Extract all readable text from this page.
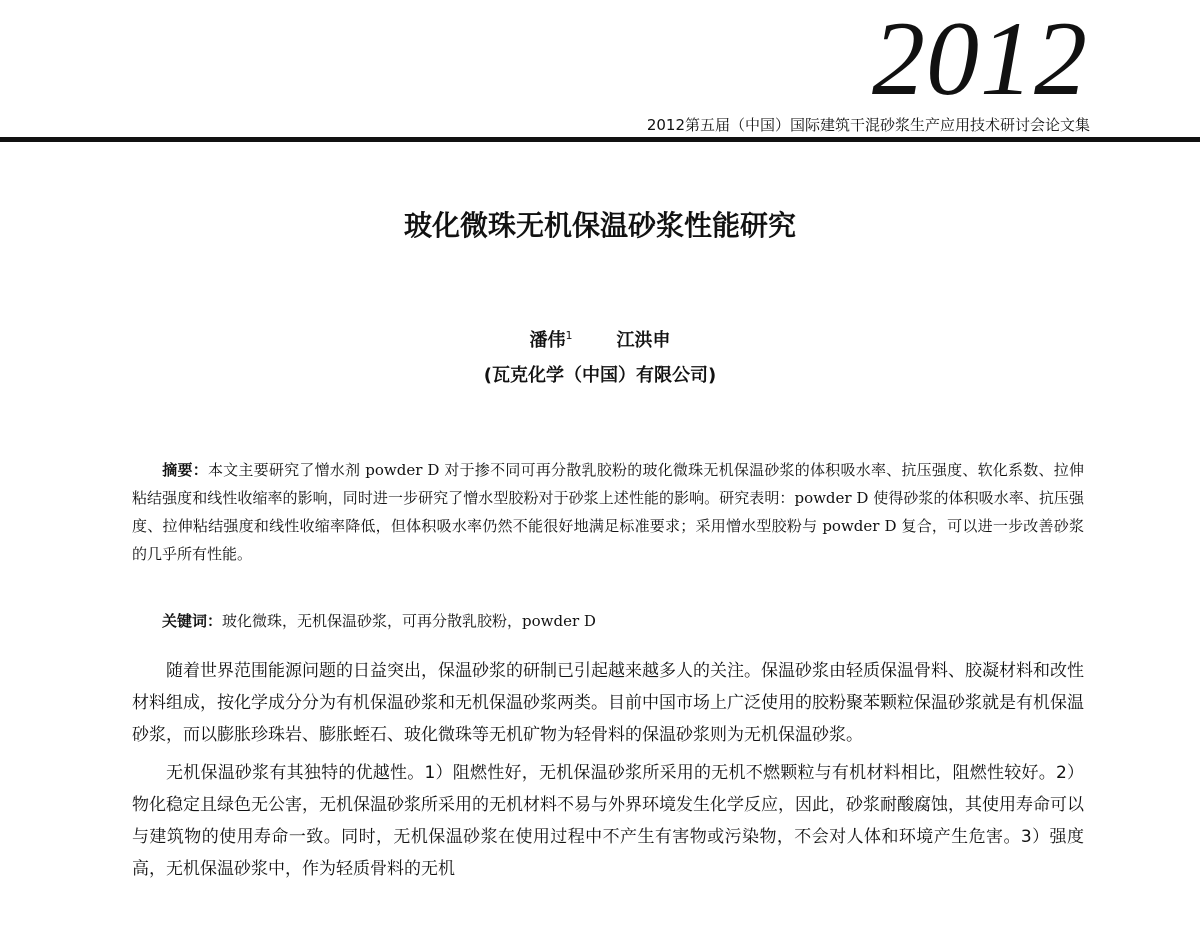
2012
2012第五届（中国）国际建筑干混砂浆生产应用技术研讨会论文集
玻化微珠无机保温砂浆性能研究
潘伟$^1$ 江洪申
(瓦克化学（中国）有限公司)
摘要：本文主要研究了憎水剂 powder D 对于掺不同可再分散乳胶粉的玻化微珠无机保温砂浆的体积吸水率、抗压强度、软化系数、拉伸粘结强度和线性收缩率的影响，同时进一步研究了憎水型胶粉对于砂浆上述性能的影响。研究表明：powder D 使得砂浆的体积吸水率、抗压强度、拉伸粘结强度和线性收缩率降低，但体积吸水率仍然不能很好地满足标准要求；采用憎水型胶粉与 powder D 复合，可以进一步改善砂浆的几乎所有性能。
关键词：玻化微珠，无机保温砂浆，可再分散乳胶粉，powder D

随着世界范围能源问题的日益突出，保温砂浆的研制已引起越来越多人的关注。保温砂浆由轻质保温骨料、胶凝材料和改性材料组成，按化学成分分为有机保温砂浆和无机保温砂浆两类。目前中国市场上广泛使用的胶粉聚苯颗粒保温砂浆就是有机保温砂浆，而以膨胀珍珠岩、膨胀蛭石、玻化微珠等无机矿物为轻骨料的保温砂浆则为无机保温砂浆。

无机保温砂浆有其独特的优越性。1）阻燃性好，无机保温砂浆所采用的无机不燃颗粒与有机材料相比，阻燃性较好。2）物化稳定且绿色无公害，无机保温砂浆所采用的无机材料不易与外界环境发生化学反应，因此，砂浆耐酸腐蚀，其使用寿命可以与建筑物的使用寿命一致。同时，无机保温砂浆在使用过程中不产生有害物或污染物，不会对人体和环境产生危害。3）强度高，无机保温砂浆中，作为轻质骨料的无机
